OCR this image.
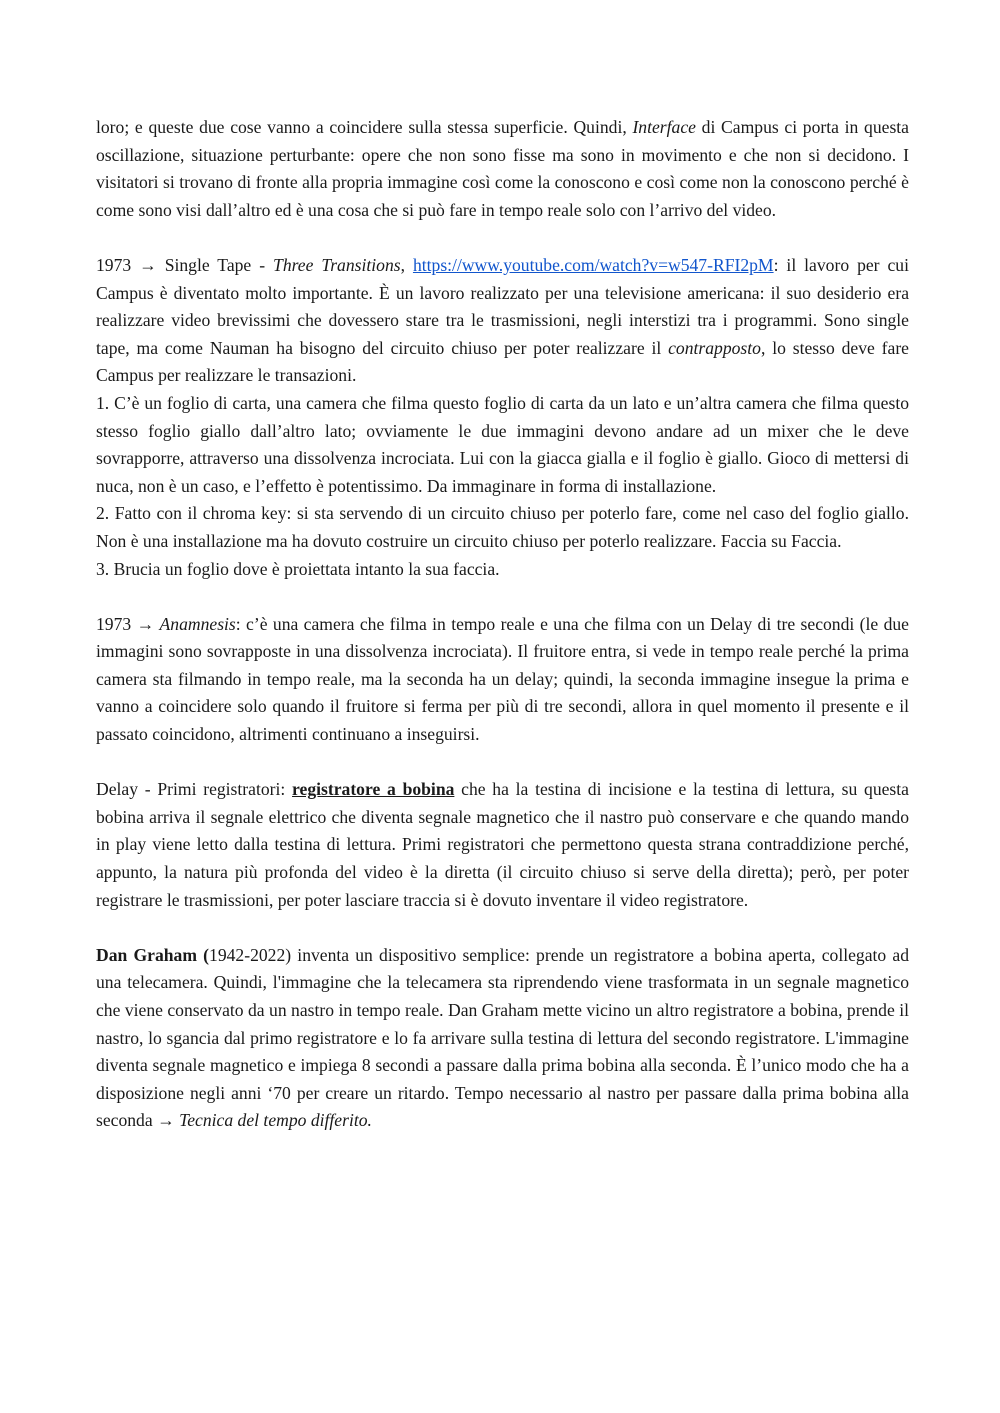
loro; e queste due cose vanno a coincidere sulla stessa superficie. Quindi, Interface di Campus ci porta in questa oscillazione, situazione perturbante: opere che non sono fisse ma sono in movimento e che non si decidono. I visitatori si trovano di fronte alla propria immagine così come la conoscono e così come non la conoscono perché è come sono visi dall’altro ed è una cosa che si può fare in tempo reale solo con l’arrivo del video.

1973 → Single Tape - Three Transitions, https://www.youtube.com/watch?v=w547-RFI2pM: il lavoro per cui Campus è diventato molto importante. È un lavoro realizzato per una televisione americana: il suo desiderio era realizzare video brevissimi che dovessero stare tra le trasmissioni, negli interstizi tra i programmi. Sono single tape, ma come Nauman ha bisogno del circuito chiuso per poter realizzare il contrapposto, lo stesso deve fare Campus per realizzare le transazioni.

1. C’è un foglio di carta, una camera che filma questo foglio di carta da un lato e un’altra camera che filma questo stesso foglio giallo dall’altro lato; ovviamente le due immagini devono andare ad un mixer che le deve sovrapporre, attraverso una dissolvenza incrociata. Lui con la giacca gialla e il foglio è giallo. Gioco di mettersi di nuca, non è un caso, e l’effetto è potentissimo. Da immaginare in forma di installazione.

2. Fatto con il chroma key: si sta servendo di un circuito chiuso per poterlo fare, come nel caso del foglio giallo. Non è una installazione ma ha dovuto costruire un circuito chiuso per poterlo realizzare. Faccia su Faccia.

3. Brucia un foglio dove è proiettata intanto la sua faccia.

1973 → Anamnesis: c’è una camera che filma in tempo reale e una che filma con un Delay di tre secondi (le due immagini sono sovrapposte in una dissolvenza incrociata). Il fruitore entra, si vede in tempo reale perché la prima camera sta filmando in tempo reale, ma la seconda ha un delay; quindi, la seconda immagine insegue la prima e vanno a coincidere solo quando il fruitore si ferma per più di tre secondi, allora in quel momento il presente e il passato coincidono, altrimenti continuano a inseguirsi.

Delay - Primi registratori: registratore a bobina che ha la testina di incisione e la testina di lettura, su questa bobina arriva il segnale elettrico che diventa segnale magnetico che il nastro può conservare e che quando mando in play viene letto dalla testina di lettura. Primi registratori che permettono questa strana contraddizione perché, appunto, la natura più profonda del video è la diretta (il circuito chiuso si serve della diretta); però, per poter registrare le trasmissioni, per poter lasciare traccia si è dovuto inventare il video registratore.

Dan Graham (1942-2022) inventa un dispositivo semplice: prende un registratore a bobina aperta, collegato ad una telecamera. Quindi, l'immagine che la telecamera sta riprendendo viene trasformata in un segnale magnetico che viene conservato da un nastro in tempo reale. Dan Graham mette vicino un altro registratore a bobina, prende il nastro, lo sgancia dal primo registratore e lo fa arrivare sulla testina di lettura del secondo registratore. L'immagine diventa segnale magnetico e impiega 8 secondi a passare dalla prima bobina alla seconda. È l’unico modo che ha a disposizione negli anni ‘70 per creare un ritardo. Tempo necessario al nastro per passare dalla prima bobina alla seconda → Tecnica del tempo differito.
